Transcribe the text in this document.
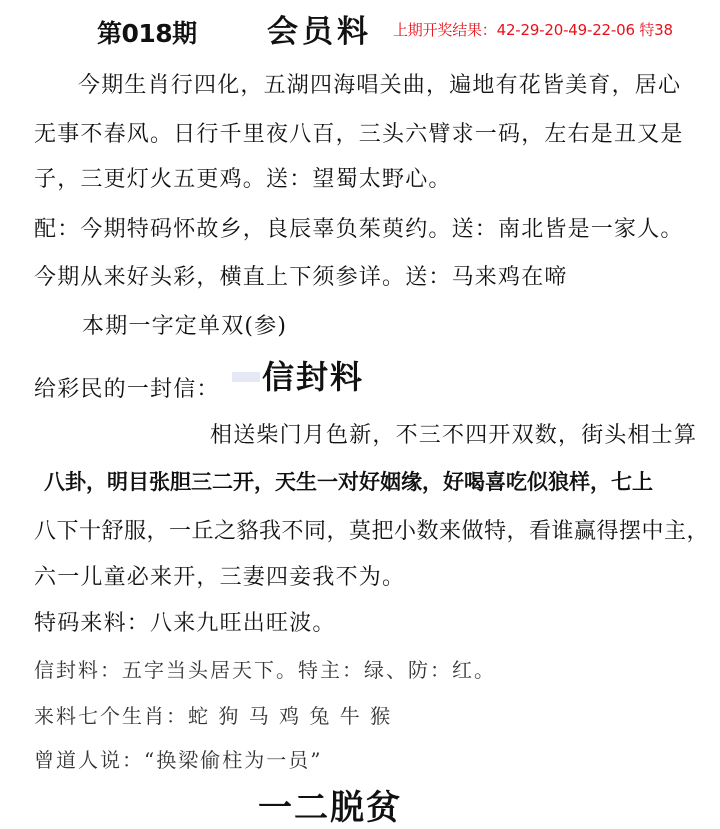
第018期 会员料 上期开奖结果：42-29-20-49-22-06 特38
今期生肖行四化，五湖四海唱关曲，遍地有花皆美育，居心
无事不春风。日行千里夜八百，三头六臂求一码，左右是丑又是
子，三更灯火五更鸡。送：望蜀太野心。
配：今期特码怀故乡，良辰辜负茱萸约。送：南北皆是一家人。
今期从来好头彩，横直上下须参详。送：马来鸡在啼
本期一字定单双(参)
给彩民的一封信： 信封料
相送柴门月色新，不三不四开双数，街头相士算
八卦，明目张胆三二开，天生一对好姻缘，好喝喜吃似狼样，七上
八下十舒服，一丘之貉我不同，莫把小数来做特，看谁赢得摆中主，
六一儿童必来开，三妻四妾我不为。
特码来料：八来九旺出旺波。
信封料：五字当头居天下。特主：绿、防：红。
来料七个生肖：蛇 狗 马 鸡 兔 牛 猴
曾道人说：“换梁偷柱为一员”
一二脱贫
